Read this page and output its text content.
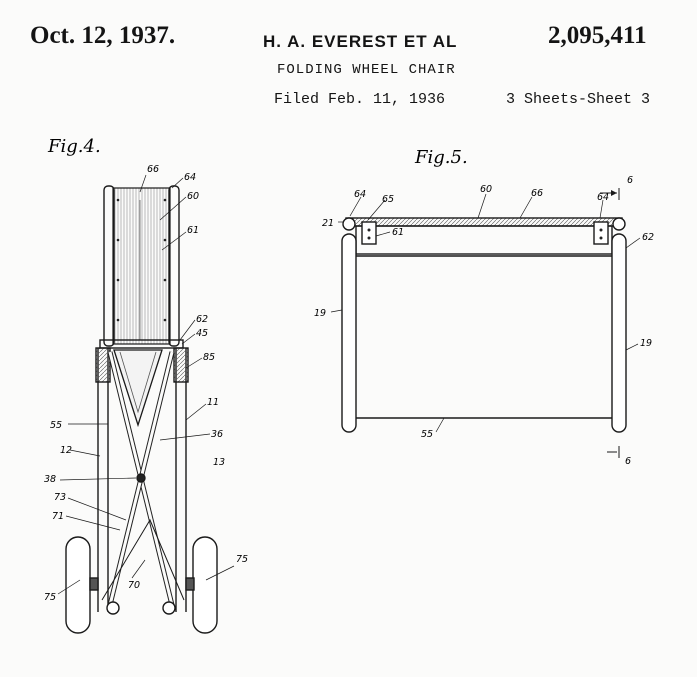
Oct. 12, 1937.	H. A. EVEREST ET AL	2,095,411
FOLDING WHEEL CHAIR
Filed Feb. 11, 1936	3 Sheets-Sheet 3
Fig.4.
66
64
60
61
62
45
85
55
11
36
12
13
38
73
71
70
75
75
Fig.5.
6
60
64 65
66	64
21
61	62
19
19
55
6
